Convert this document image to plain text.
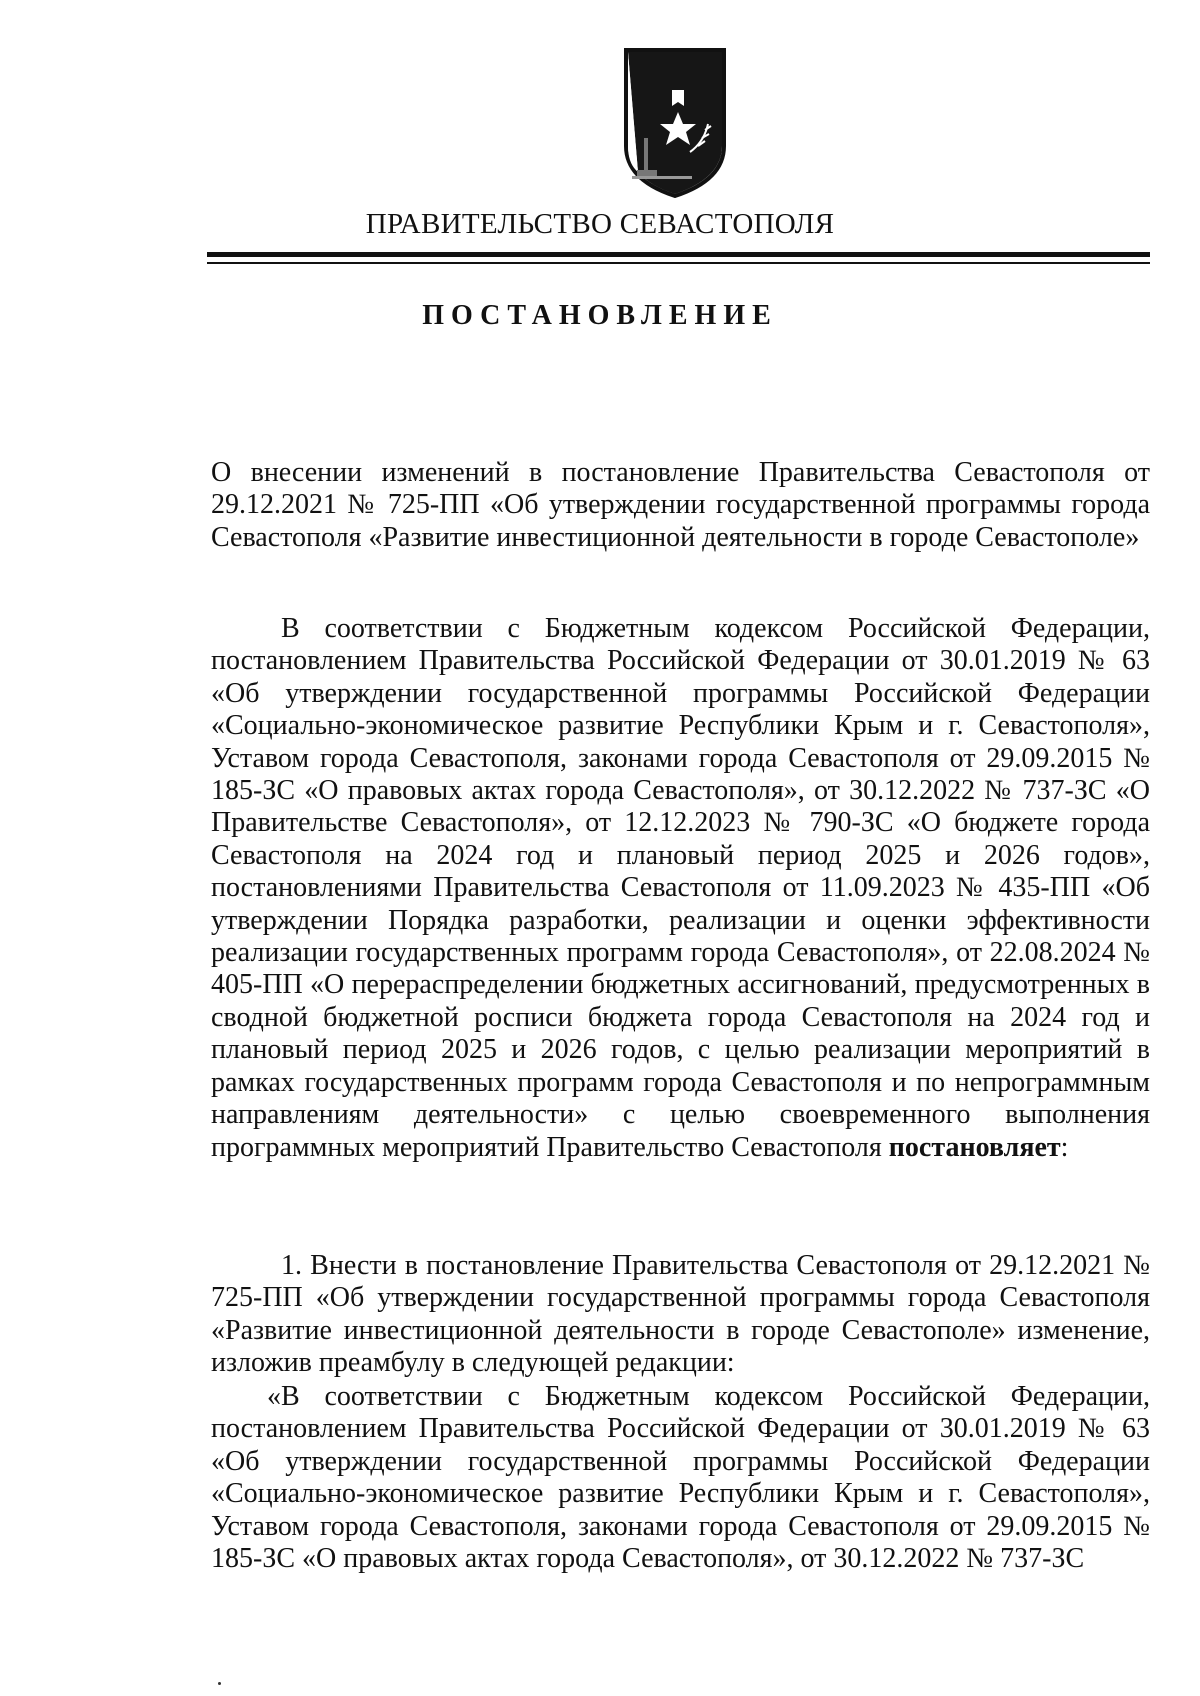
ПРАВИТЕЛЬСТВО СЕВАСТОПОЛЯ
ПОСТАНОВЛЕНИЕ

О внесении изменений в постановление Правительства Севастополя от 29.12.2021 № 725-ПП «Об утверждении государственной программы города Севастополя «Развитие инвестиционной деятельности в городе Севастополе»

В соответствии с Бюджетным кодексом Российской Федерации, постановлением Правительства Российской Федерации от 30.01.2019 № 63 «Об утверждении государственной программы Российской Федерации «Социально-экономическое развитие Республики Крым и г. Севастополя», Уставом города Севастополя, законами города Севастополя от 29.09.2015 № 185-ЗС «О правовых актах города Севастополя», от 30.12.2022 № 737-ЗС «О Правительстве Севастополя», от 12.12.2023 № 790-ЗС «О бюджете города Севастополя на 2024 год и плановый период 2025 и 2026 годов», постановлениями Правительства Севастополя от 11.09.2023 № 435-ПП «Об утверждении Порядка разработки, реализации и оценки эффективности реализации государственных программ города Севастополя», от 22.08.2024 № 405-ПП «О перераспределении бюджетных ассигнований, предусмотренных в сводной бюджетной росписи бюджета города Севастополя на 2024 год и плановый период 2025 и 2026 годов, с целью реализации мероприятий в рамках государственных программ города Севастополя и по непрограммным направлениям деятельности» с целью своевременного выполнения программных мероприятий Правительство Севастополя постановляет:

1. Внести в постановление Правительства Севастополя от 29.12.2021 № 725-ПП «Об утверждении государственной программы города Севастополя «Развитие инвестиционной деятельности в городе Севастополе» изменение, изложив преамбулу в следующей редакции:

«В соответствии с Бюджетным кодексом Российской Федерации, постановлением Правительства Российской Федерации от 30.01.2019 № 63 «Об утверждении государственной программы Российской Федерации «Социально-экономическое развитие Республики Крым и г. Севастополя», Уставом города Севастополя, законами города Севастополя от 29.09.2015 № 185-ЗС «О правовых актах города Севастополя», от 30.12.2022 № 737-ЗС
